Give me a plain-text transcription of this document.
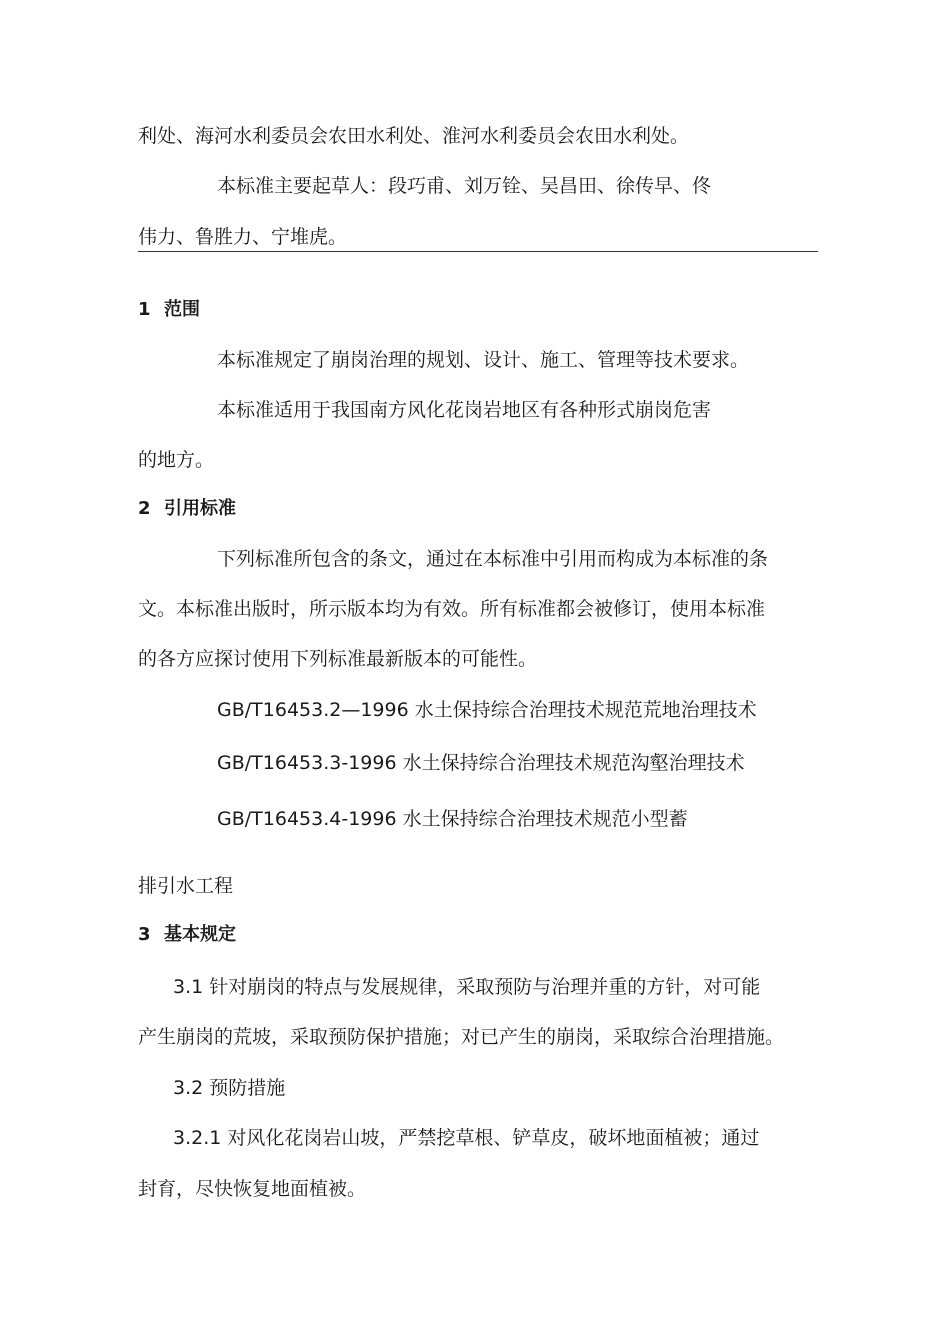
利处、海河水利委员会农田水利处、淮河水利委员会农田水利处。
本标准主要起草人：段巧甫、刘万铨、吴昌田、徐传早、佟
伟力、鲁胜力、宁堆虎。
1 范围
本标准规定了崩岗治理的规划、设计、施工、管理等技术要求。
本标准适用于我国南方风化花岗岩地区有各种形式崩岗危害
的地方。
2 引用标准
下列标准所包含的条文，通过在本标准中引用而构成为本标准的条
文。本标准出版时，所示版本均为有效。所有标准都会被修订，使用本标准
的各方应探讨使用下列标准最新版本的可能性。
GB/T16453.2—1996 水土保持综合治理技术规范荒地治理技术
GB/T16453.3-1996 水土保持综合治理技术规范沟壑治理技术
GB/T16453.4-1996 水土保持综合治理技术规范小型蓄
排引水工程
3 基本规定
3.1 针对崩岗的特点与发展规律，采取预防与治理并重的方针，对可能
产生崩岗的荒坡，采取预防保护措施；对已产生的崩岗，采取综合治理措施。
3.2 预防措施
3.2.1 对风化花岗岩山坡，严禁挖草根、铲草皮，破坏地面植被；通过
封育，尽快恢复地面植被。
